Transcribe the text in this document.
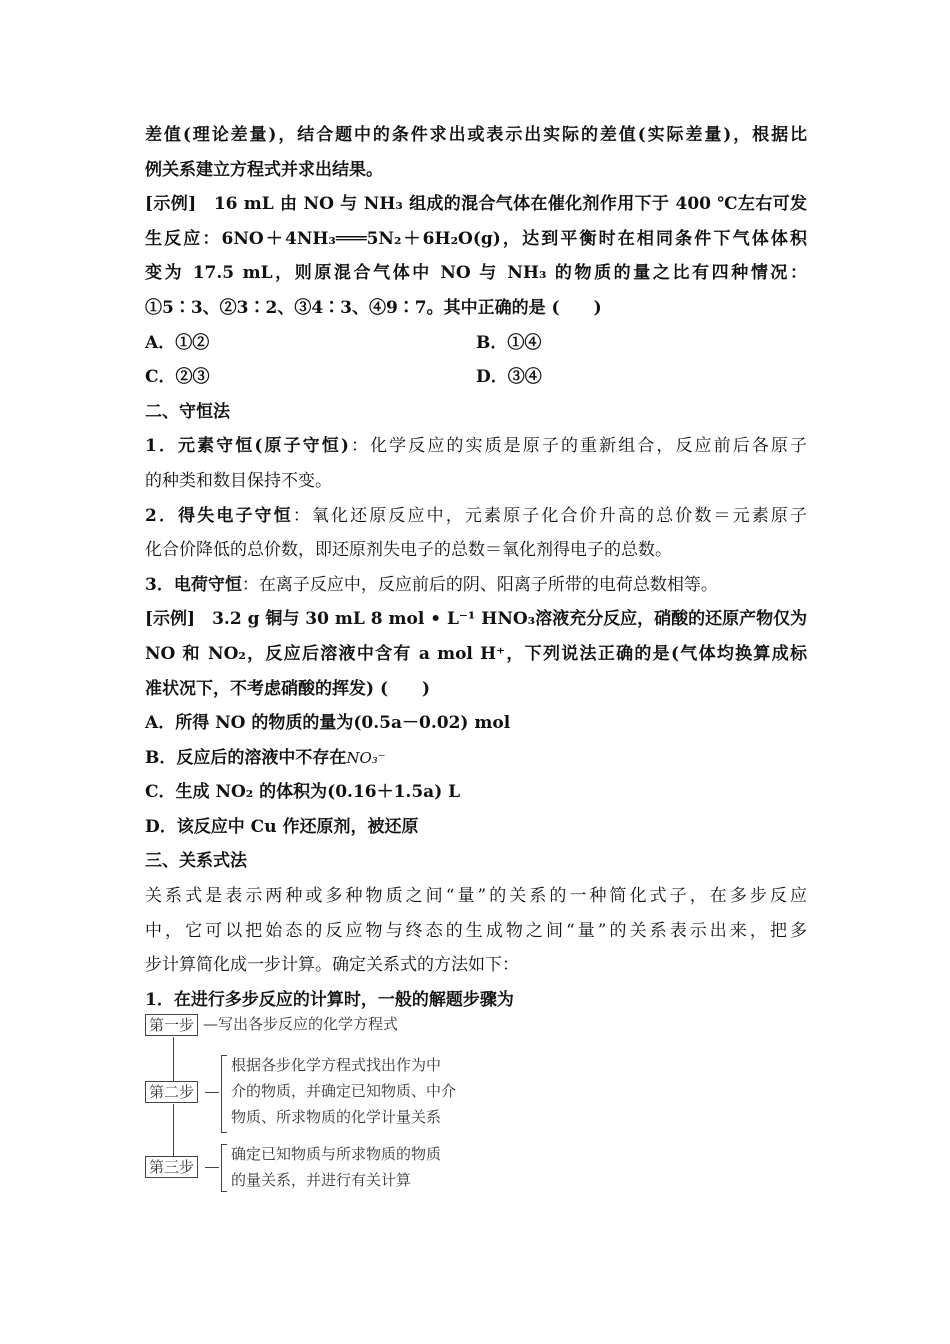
差值(理论差量)，结合题中的条件求出或表示出实际的差值(实际差量)，根据比
例关系建立方程式并求出结果。
[示例]　 16 mL 由 NO 与 NH₃ 组成的混合气体在催化剂作用下于 400 ℃左右可发
生反应：6NO＋4NH₃═══5N₂＋6H₂O(g)，达到平衡时在相同条件下气体体积
变为 17.5 mL，则原混合气体中 NO 与 NH₃ 的物质的量之比有四种情况：
①5∶3、②3∶2、③4∶3、④9∶7。其中正确的是 (　　)
A．①②	B．①④
C．②③	D．③④
二、守恒法
1．元素守恒(原子守恒)：化学反应的实质是原子的重新组合，反应前后各原子
的种类和数目保持不变。
2．得失电子守恒：氧化还原反应中，元素原子化合价升高的总价数＝元素原子
化合价降低的总价数，即还原剂失电子的总数＝氧化剂得电子的总数。
3．电荷守恒：在离子反应中，反应前后的阴、阳离子所带的电荷总数相等。
[示例]　 3.2 g 铜与 30 mL 8 mol • L⁻¹ HNO₃溶液充分反应，硝酸的还原产物仅为
NO 和 NO₂，反应后溶液中含有 a mol H⁺，下列说法正确的是(气体均换算成标
准状况下，不考虑硝酸的挥发) (　　)
A．所得 NO 的物质的量为(0.5a－0.02) mol
B．反应后的溶液中不存在NO₃⁻
C．生成 NO₂ 的体积为(0.16＋1.5a) L
D．该反应中 Cu 作还原剂，被还原
三、关系式法
关系式是表示两种或多种物质之间“量”的关系的一种简化式子，在多步反应
中，它可以把始态的反应物与终态的生成物之间“量”的关系表示出来，把多
步计算简化成一步计算。确定关系式的方法如下：
1．在进行多步反应的计算时，一般的解题步骤为
第一步 —写出各步反应的化学方程式
第二步
根据各步化学方程式找出作为中
介的物质，并确定已知物质、中介
物质、所求物质的化学计量关系
第三步
确定已知物质与所求物质的物质
的量关系，并进行有关计算
